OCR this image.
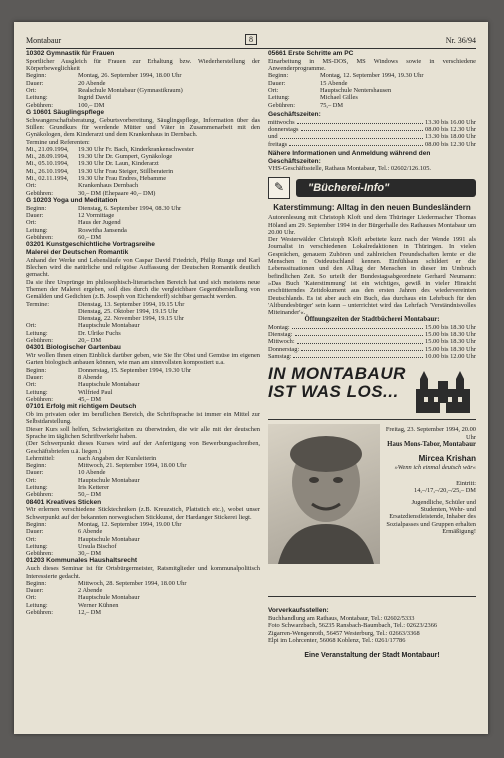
Montabaur	8	Nr. 36/94
10302 Gymnastik für Frauen
Sportlicher Ausgleich für Frauen zur Erhaltung bzw. Wiederherstellung der Körperbeweglichkeit
Beginn:	Montag, 26. September 1994, 18.00 Uhr
Dauer:	20 Abende
Ort:	Realschule Montabaur (Gymnastikraum)
Leitung:	Ingrid David
Gebühren:	100,– DM
G 10601 Säuglingspflege
Schwangerschaftsberatung, Geburtsvorbereitung, Säuglingspflege, Information über das Stillen: Grundkurs für werdende Mütter und Väter in Zusammenarbeit mit den Gynäkologen, dem Kinderarzt und dem Krankenhaus in Dernbach.
Termine und Referenten:
Mi., 21.09.1994,	19.30 Uhr Fr. Bach, Kinderkrankenschwester
Mi., 28.09.1994,	19.30 Uhr Dr. Gumpert, Gynäkologe
Mi., 05.10.1994,	19.30 Uhr Dr. Laun, Kinderarzt
Mi., 26.10.1994,	19.30 Uhr Frau Steiger, Stillberaterin
Mi., 02.11.1994,	19.30 Uhr Frau Endres, Hebamme
Ort:	Krankenhaus Dernbach
Gebühren:	30,– DM (Ehepaare 40,– DM)
G 10203 Yoga und Meditation
Beginn:	Dienstag, 6. September 1994, 08.30 Uhr
Dauer:	12 Vormittage
Ort:	Haus der Jugend
Leitung:	Roswitha Jansenda
Gebühren:	60,– DM
03201 Kunstgeschichtliche Vortragsreihe
Malerei der Deutschen Romantik
Anhand der Werke und Lebensläufe von Caspar David Friedrich, Philip Runge und Karl Blechen wird die natürliche und religiöse Auffassung der Deutschen Romantik deutlich gemacht.
Da sie ihre Ursprünge im philosophisch-literarischen Bereich hat und sich meistens neue Themen der Malerei ergeben, soll dies durch die vergleichbare Gegenüberstellung von Gemälden und Gedichten (z.B. Joseph von Eichendorff) sichtbar gemacht werden.
Termine:	Dienstag, 13. September 1994, 19.15 Uhr
Dienstag, 25. Oktober 1994, 19.15 Uhr
Dienstag, 22. November 1994, 19.15 Uhr
Ort:	Hauptschule Montabaur
Leitung:	Dr. Ulrike Fuchs
Gebühren:	20,– DM
04301 Biologischer Gartenbau
Wir wollen Ihnen einen Einblick darüber geben, wie Sie Ihr Obst und Gemüse im eigenen Garten biologisch anbauen können, wie man am sinnvollsten kompostiert u.a.
Beginn:	Donnerstag, 15. September 1994, 19.30 Uhr
Dauer:	8 Abende
Ort:	Hauptschule Montabaur
Leitung:	Wilfried Paul
Gebühren:	45,– DM
07101 Erfolg mit richtigem Deutsch
Ob im privaten oder im beruflichen Bereich, die Schriftsprache ist immer ein Mittel zur Selbstdarstellung.
Dieser Kurs soll helfen, Schwierigkeiten zu überwinden, die wir alle mit der deutschen Sprache im täglichen Schriftverkehr haben.
(Der Schwerpunkt dieses Kurses wird auf der Anfertigung von Bewerbungsschreiben, Geschäftsbriefen u.ä. liegen.)
Lehrmittel:	nach Angaben der Kursleiterin
Beginn:	Mittwoch, 21. September 1994, 18.00 Uhr
Dauer:	10 Abende
Ort:	Hauptschule Montabaur
Leitung:	Iris Ketterer
Gebühren:	50,– DM
08401 Kreatives Sticken
Wir erlernen verschiedene Sticktechniken (z.B. Kreuzstich, Plattstich etc.), wobei unser Schwerpunkt auf der bekannten norwegischen Stickkunst, der Hardanger Stickerei liegt.
Beginn:	Montag, 12. September 1994, 19.00 Uhr
Dauer:	6 Abende
Ort:	Hauptschule Montabaur
Leitung:	Ursula Bischof
Gebühren:	30,– DM
01203 Kommunales Haushaltsrecht
Auch dieses Seminar ist für Ortsbürgermeister, Ratsmitglieder und kommunalpolitisch Interessierte gedacht.
Beginn:	Mittwoch, 28. September 1994, 18.00 Uhr
Dauer:	2 Abende
Ort:	Hauptschule Montabaur
Leitung:	Werner Kühnen
Gebühren:	12,– DM
05661 Erste Schritte am PC
Einarbeitung in MS-DOS, MS Windows sowie in verschiedene Anwenderprogramme.
Beginn:	Montag, 12. September 1994, 19.30 Uhr
Dauer:	15 Abende
Ort:	Hauptschule Nentershausen
Leitung:	Michael Gilles
Gebühren:	75,– DM
Geschäftszeiten:
mittwochs	13.30 bis 16.00 Uhr
donnerstags	08.00 bis 12.30 Uhr
und	13.30 bis 18.00 Uhr
freitags	08.00 bis 12.30 Uhr
Nähere Informationen und Anmeldung während den Geschäftszeiten:
VHS-Geschäftsstelle, Rathaus Montabaur, Tel.: 02602/126.105.
✎	"Bücherei-Info"
Katerstimmung: Alltag in den neuen Bundesländern
Autorenlesung mit Christoph Kloft und dem Thüringer Liedermacher Thomas Höland am 29. September 1994 in der Bürgerhalle des Rathauses Montabaur um 20.00 Uhr.
Der Westerwälder Christoph Kloft arbeitete kurz nach der Wende 1991 als Journalist in verschiedenen Lokalredaktionen in Thüringen. In vielen Gesprächen, genauem Zuhören und zahlreichen Freundschaften lernte er die Menschen in Ostdeutschland kennen. Einfühlsam schildert er die Lebenssituationen und den Alltag der Menschen in dieser im Umbruch befindlichen Zeit. So urteilt der Bundestagsabgeordnete Gerhard Neumann: »Das Buch 'Katerstimmung' ist ein wichtiges, gewiß in vieler Hinsicht erschütterndes Zeitdokument aus den ersten Jahren des wiedervereinten Deutschlands. Es ist aber auch ein Buch, das durchaus ein Lehrbuch für den 'Altbundesbürger' sein kann – unterrichtet wird das Lehrfach 'Verständnisvolles Miteinander'«.
Öffnungszeiten der Stadtbücherei Montabaur:
Montag:	15.00 bis 18.30 Uhr
Dienstag:	15.00 bis 18.30 Uhr
Mittwoch:	15.00 bis 18.30 Uhr
Donnerstag:	15.00 bis 18.30 Uhr
Samstag:	10.00 bis 12.00 Uhr
IN MONTABAUR
IST WAS LOS...
Freitag, 23. September 1994, 20.00 Uhr
Haus Mons-Tabor, Montabaur
Mircea Krishan
»Wenn ich einmal deutsch wär«
Eintritt:
14,–/17,–/20,–/25,– DM
Jugendliche, Schüler und Studenten, Wehr- und Ersatzdienstleistende, Inhaber des Sozialpasses und Gruppen erhalten Ermäßigung!
Vorverkaufsstellen:
Buchhandlung am Rathaus, Montabaur, Tel.: 02602/5333
Foto Schwarzbach, 56235 Ransbach-Baumbach, Tel.: 02623/2366
Zigarren-Wengenroth, 56457 Westerburg, Tel.: 02663/3368
Elpi im Lohrcenter, 56068 Koblenz, Tel.: 0261/17786
Eine Veranstaltung der Stadt Montabaur!
